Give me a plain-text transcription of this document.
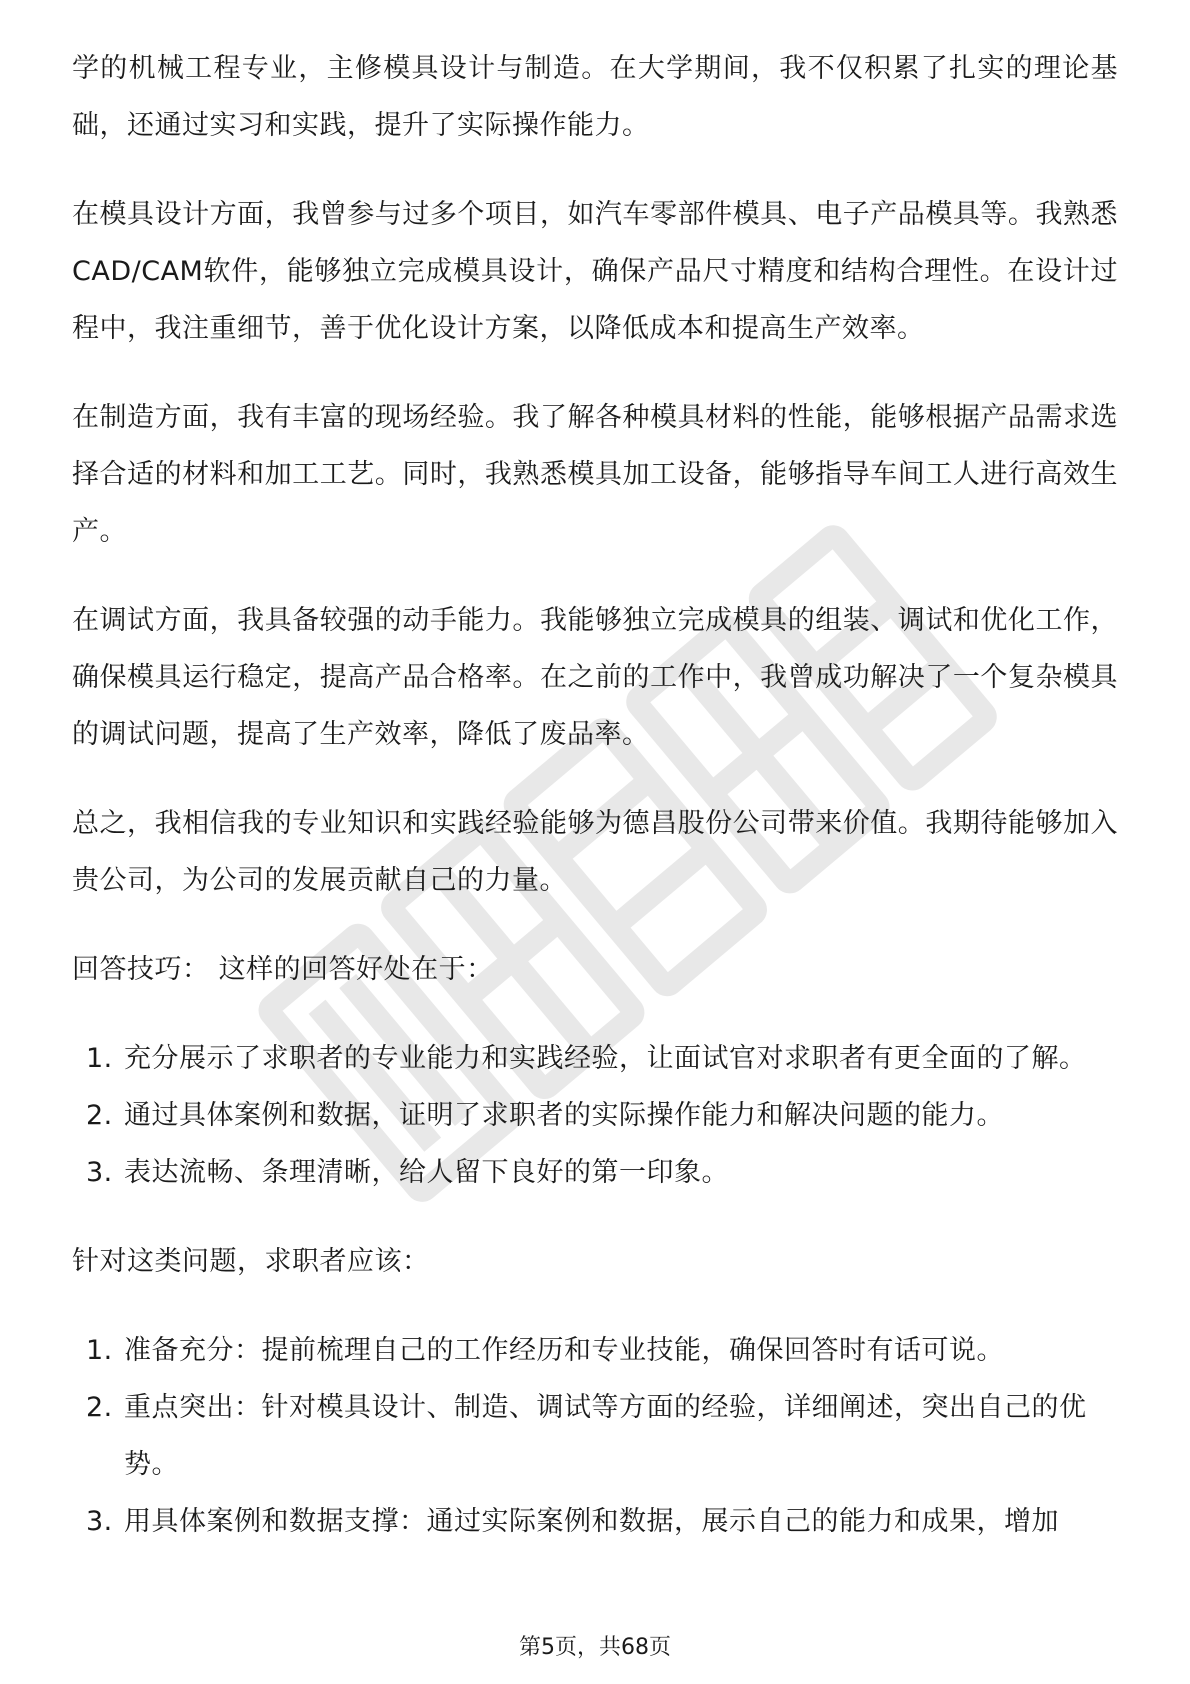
学的机械工程专业，主修模具设计与制造。在大学期间，我不仅积累了扎实的理论基础，还通过实习和实践，提升了实际操作能力。

在模具设计方面，我曾参与过多个项目，如汽车零部件模具、电子产品模具等。我熟悉CAD/CAM软件，能够独立完成模具设计，确保产品尺寸精度和结构合理性。在设计过程中，我注重细节，善于优化设计方案，以降低成本和提高生产效率。

在制造方面，我有丰富的现场经验。我了解各种模具材料的性能，能够根据产品需求选择合适的材料和加工工艺。同时，我熟悉模具加工设备，能够指导车间工人进行高效生产。

在调试方面，我具备较强的动手能力。我能够独立完成模具的组装、调试和优化工作，确保模具运行稳定，提高产品合格率。在之前的工作中，我曾成功解决了一个复杂模具的调试问题，提高了生产效率，降低了废品率。

总之，我相信我的专业知识和实践经验能够为德昌股份公司带来价值。我期待能够加入贵公司，为公司的发展贡献自己的力量。

回答技巧： 这样的回答好处在于：
1. 充分展示了求职者的专业能力和实践经验，让面试官对求职者有更全面的了解。
2. 通过具体案例和数据，证明了求职者的实际操作能力和解决问题的能力。
3. 表达流畅、条理清晰，给人留下良好的第一印象。
针对这类问题，求职者应该：
1. 准备充分：提前梳理自己的工作经历和专业技能，确保回答时有话可说。
2. 重点突出：针对模具设计、制造、调试等方面的经验，详细阐述，突出自己的优势。
3. 用具体案例和数据支撑：通过实际案例和数据，展示自己的能力和成果，增加
第5页，共68页
